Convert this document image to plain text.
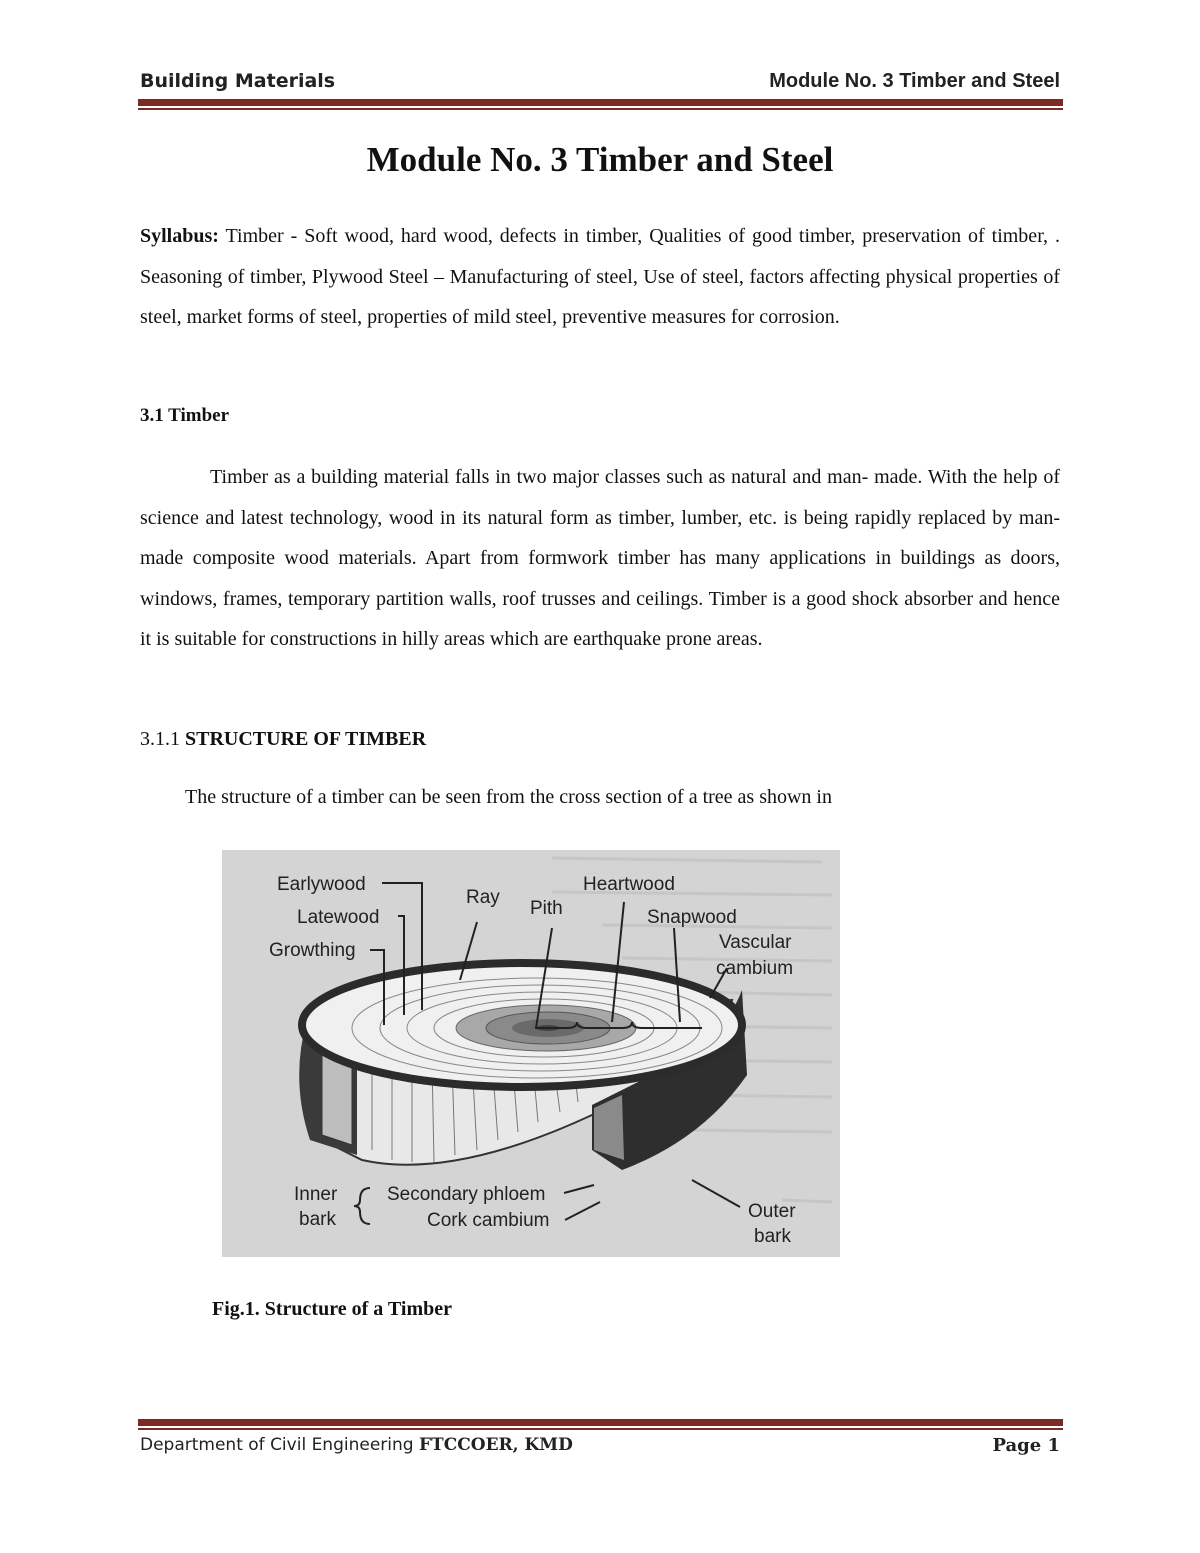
Building Materials	Module No. 3 Timber and Steel
Module No. 3 Timber and Steel
Syllabus: Timber - Soft wood, hard wood, defects in timber, Qualities of good timber, preservation of timber, . Seasoning of timber, Plywood Steel – Manufacturing of steel, Use of steel, factors affecting physical properties of steel, market forms of steel, properties of mild steel, preventive measures for corrosion.
3.1 Timber
Timber as a building material falls in two major classes such as natural and man- made. With the help of science and latest technology, wood in its natural form as timber, lumber, etc. is being rapidly replaced by man-made composite wood materials. Apart from formwork timber has many applications in buildings as doors, windows, frames, temporary partition walls, roof trusses and ceilings. Timber is a good shock absorber and hence it is suitable for constructions in hilly areas which are earthquake prone areas.
3.1.1 STRUCTURE OF TIMBER
The structure of a timber can be seen from the cross section of a tree as shown in
Earlywood
Latewood
Growthing
Ray
Pith
Heartwood
Snapwood
Vascular
cambium
Inner
bark
Secondary phloem
Cork cambium	Outer
bark
Fig.1. Structure of a Timber
Department of Civil Engineering FTCCOER, KMD	Page 1
